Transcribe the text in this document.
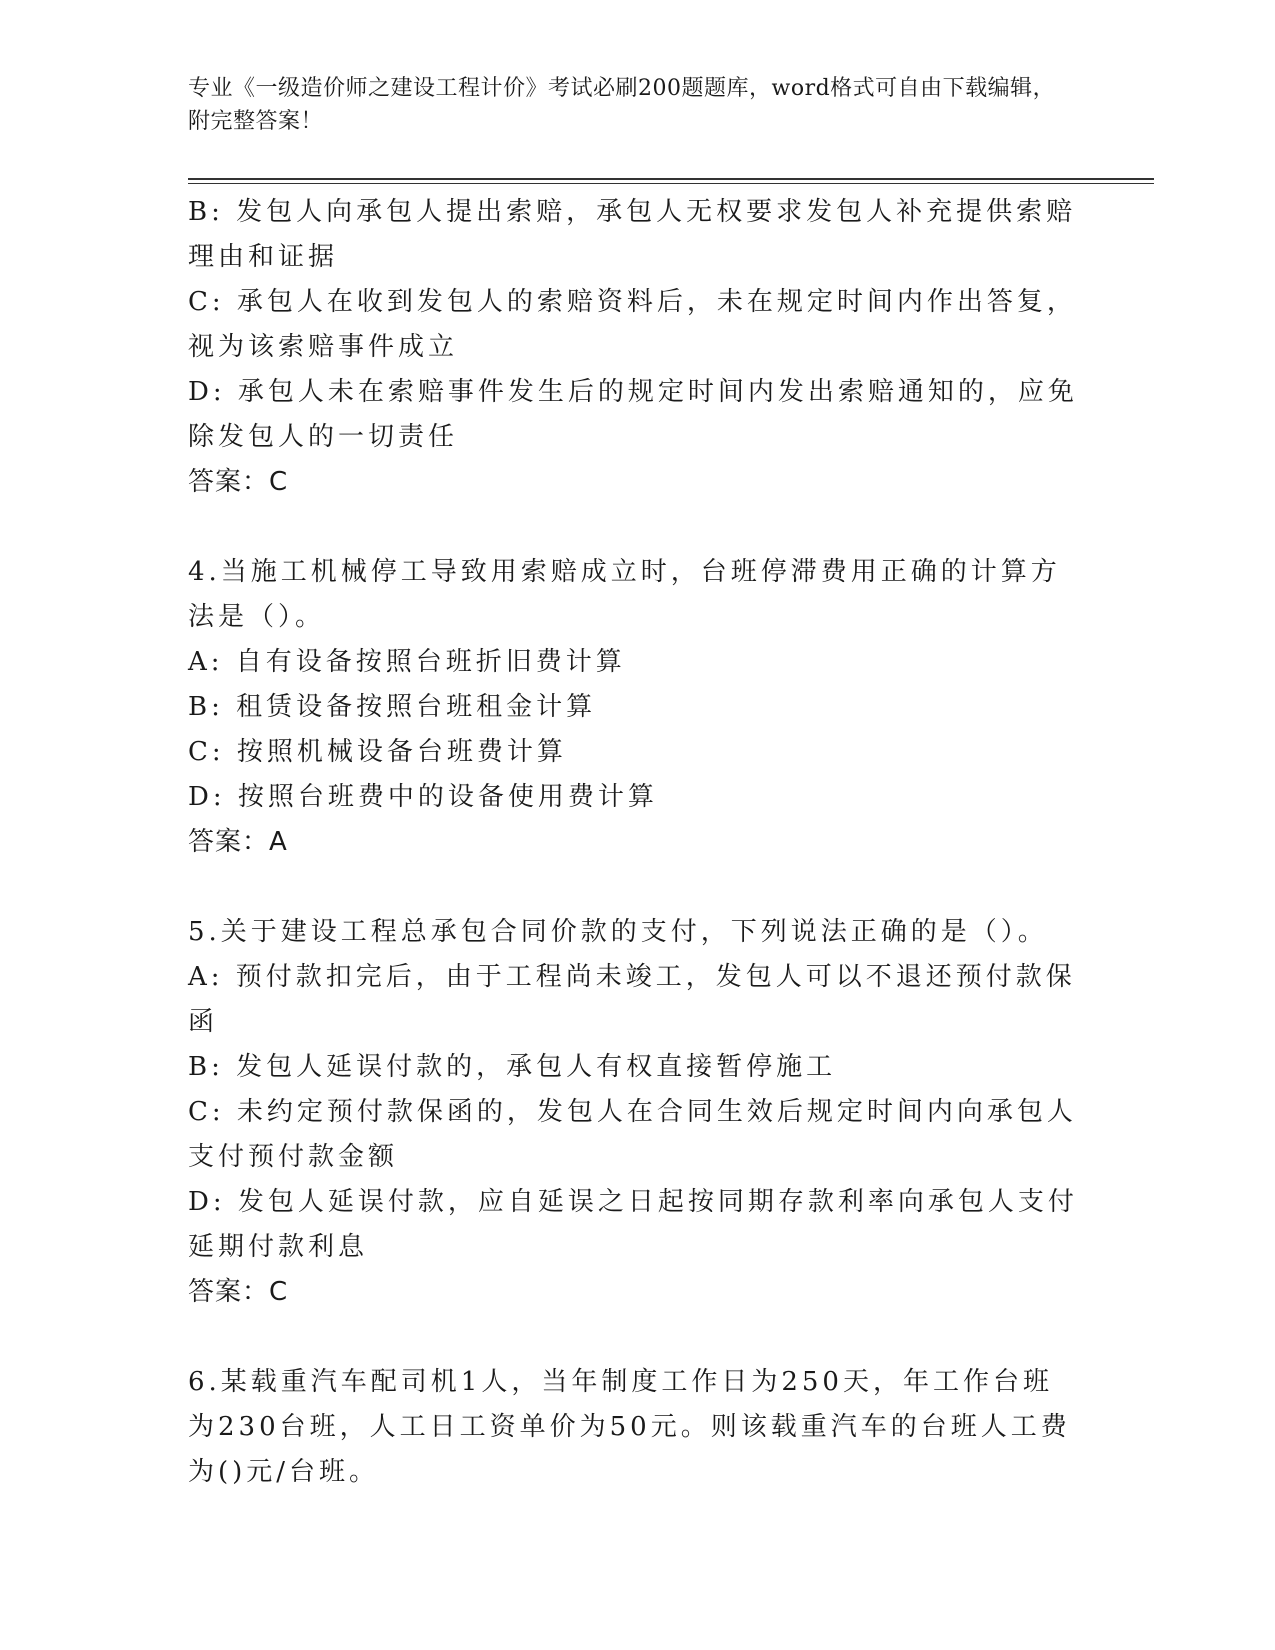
专业《一级造价师之建设工程计价》考试必刷200题题库，word格式可自由下载编辑，附完整答案！

B: 发包人向承包人提出索赔，承包人无权要求发包人补充提供索赔理由和证据

C: 承包人在收到发包人的索赔资料后，未在规定时间内作出答复，视为该索赔事件成立

D: 承包人未在索赔事件发生后的规定时间内发出索赔通知的，应免除发包人的一切责任

答案：C

4.当施工机械停工导致用索赔成立时，台班停滞费用正确的计算方法是（）。

A: 自有设备按照台班折旧费计算

B: 租赁设备按照台班租金计算

C: 按照机械设备台班费计算

D: 按照台班费中的设备使用费计算

答案：A

5.关于建设工程总承包合同价款的支付，下列说法正确的是（）。

A: 预付款扣完后，由于工程尚未竣工，发包人可以不退还预付款保函

B: 发包人延误付款的，承包人有权直接暂停施工

C: 未约定预付款保函的，发包人在合同生效后规定时间内向承包人支付预付款金额

D: 发包人延误付款，应自延误之日起按同期存款利率向承包人支付延期付款利息

答案：C

6.某载重汽车配司机1人，当年制度工作日为250天，年工作台班为230台班，人工日工资单价为50元。则该载重汽车的台班人工费为()元/台班。
